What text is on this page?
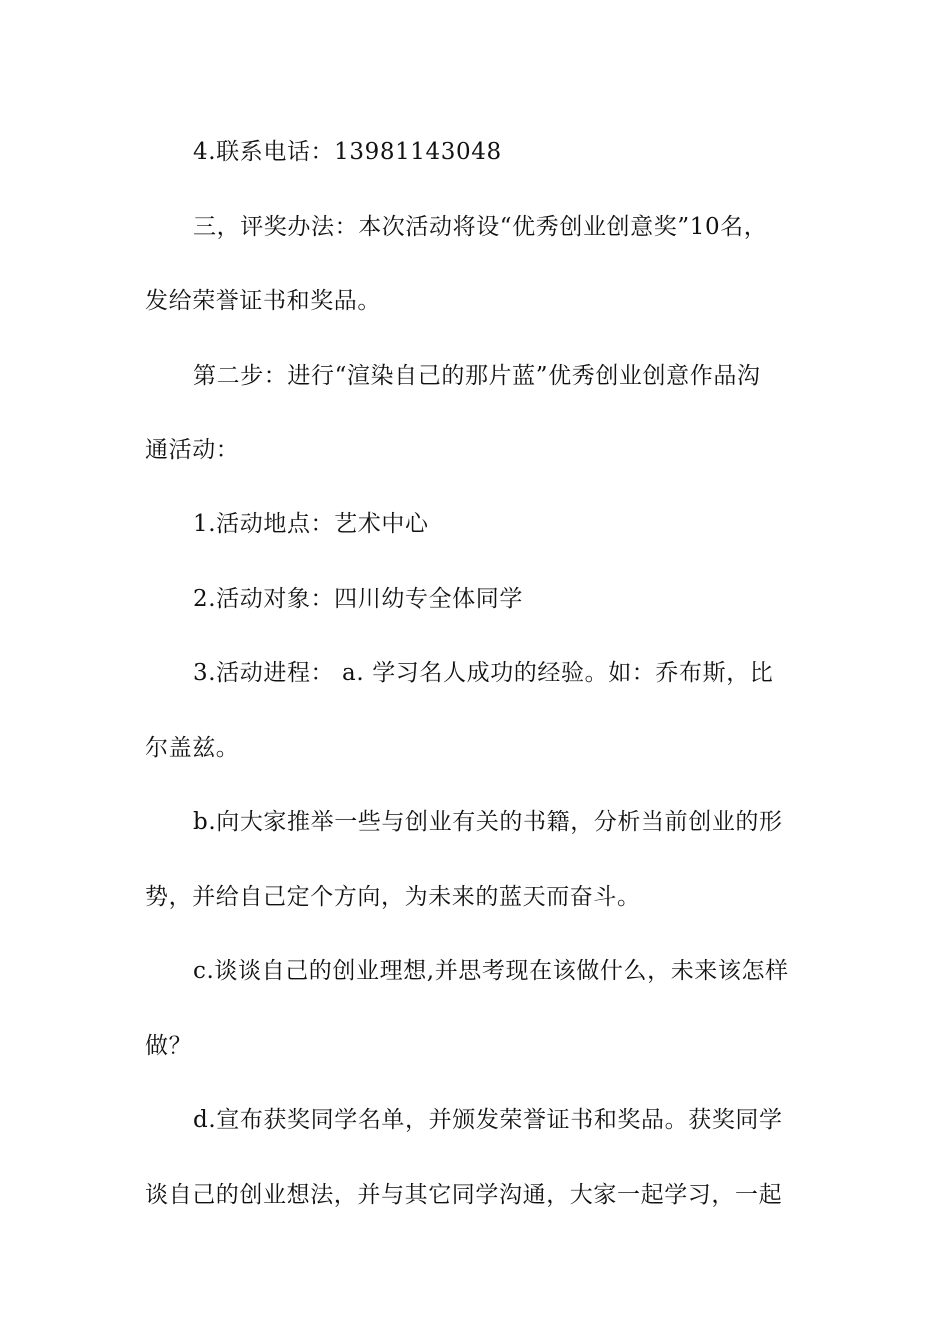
4.联系电话：13981143048
三，评奖办法：本次活动将设“优秀创业创意奖”10名，
发给荣誉证书和奖品。
第二步：进行“渲染自己的那片蓝”优秀创业创意作品沟
通活动：
1.活动地点：艺术中心
2.活动对象：四川幼专全体同学
3.活动进程： a. 学习名人成功的经验。如：乔布斯，比
尔盖兹。
b.向大家推举一些与创业有关的书籍，分析当前创业的形
势，并给自己定个方向，为未来的蓝天而奋斗。
c.谈谈自己的创业理想,并思考现在该做什么，未来该怎样
做？
d.宣布获奖同学名单，并颁发荣誉证书和奖品。获奖同学
谈自己的创业想法，并与其它同学沟通，大家一起学习，一起
